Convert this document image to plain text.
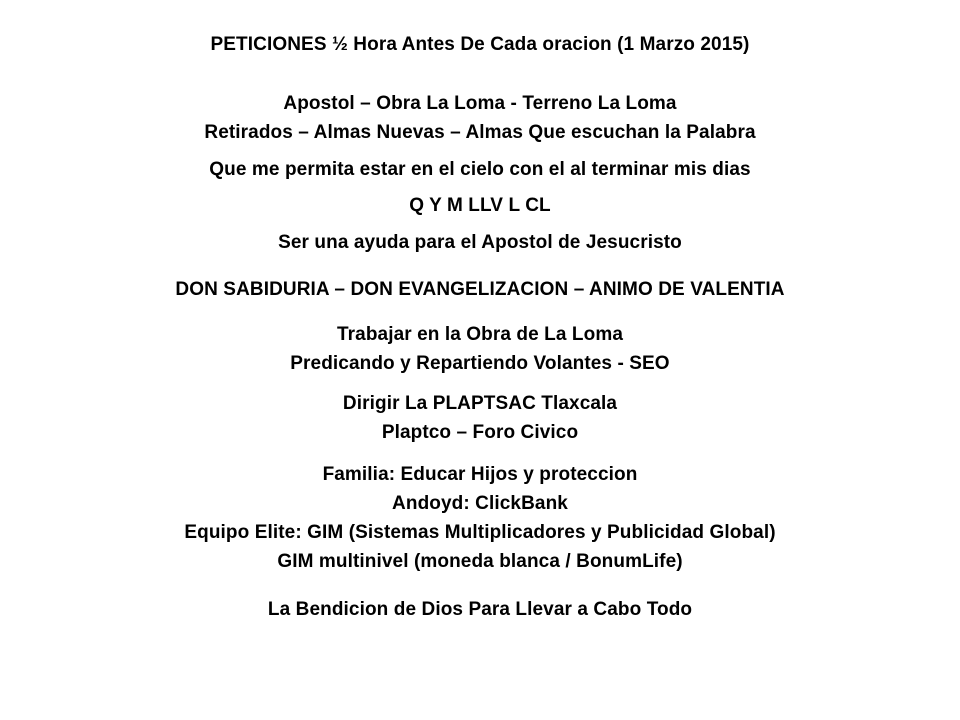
PETICIONES ½ Hora Antes De Cada oracion (1 Marzo 2015)
Apostol – Obra La Loma - Terreno La Loma
Retirados – Almas Nuevas – Almas Que escuchan la Palabra
Que me permita estar en el cielo con el al terminar mis dias
Q Y M LLV L CL
Ser una ayuda para el Apostol de Jesucristo
DON SABIDURIA – DON EVANGELIZACION – ANIMO DE VALENTIA
Trabajar en la Obra de La Loma
Predicando y Repartiendo Volantes - SEO
Dirigir La PLAPTSAC Tlaxcala
Plaptco – Foro Civico
Familia: Educar Hijos y proteccion
Andoyd: ClickBank
Equipo Elite: GIM (Sistemas Multiplicadores y Publicidad Global)
GIM multinivel (moneda blanca / BonumLife)
La Bendicion de Dios Para Llevar a Cabo Todo
